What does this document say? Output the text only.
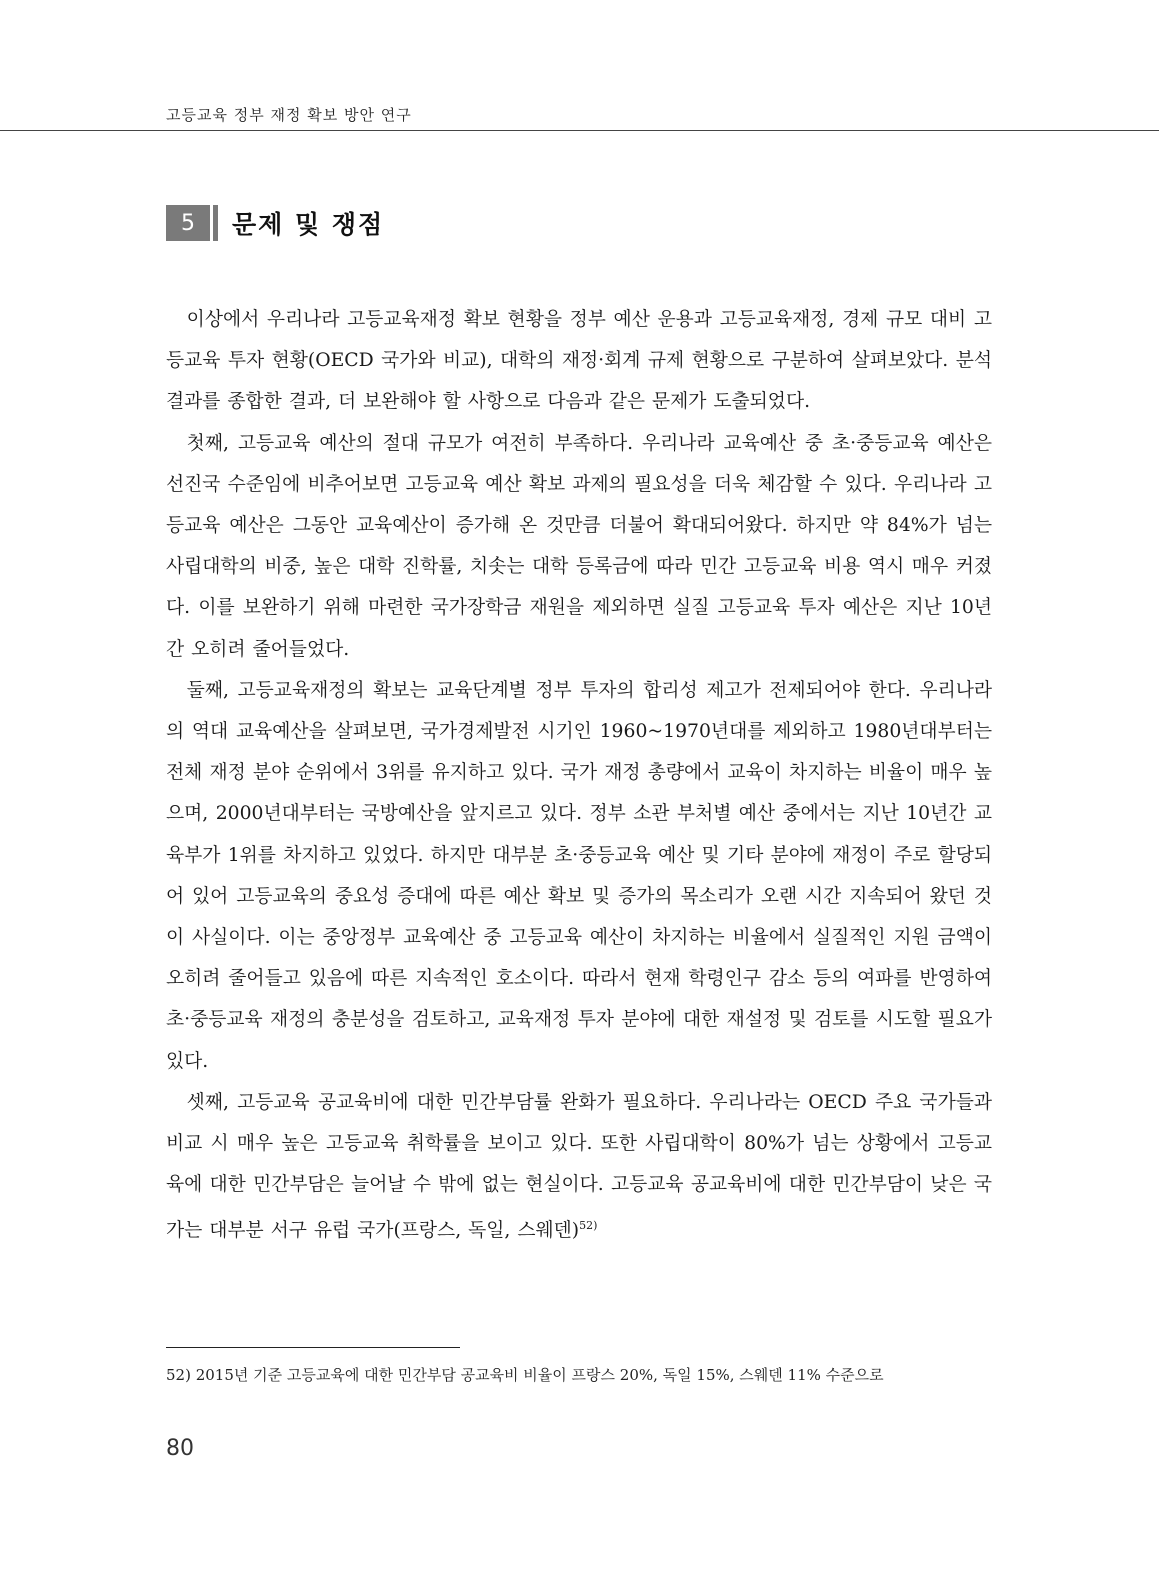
고등교육 정부 재정 확보 방안 연구
5	문제 및 쟁점

이상에서 우리나라 고등교육재정 확보 현황을 정부 예산 운용과 고등교육재정, 경제 규모 대비 고등교육 투자 현황(OECD 국가와 비교), 대학의 재정·회계 규제 현황으로 구분하여 살펴보았다. 분석 결과를 종합한 결과, 더 보완해야 할 사항으로 다음과 같은 문제가 도출되었다.

첫째, 고등교육 예산의 절대 규모가 여전히 부족하다. 우리나라 교육예산 중 초·중등교육 예산은 선진국 수준임에 비추어보면 고등교육 예산 확보 과제의 필요성을 더욱 체감할 수 있다. 우리나라 고등교육 예산은 그동안 교육예산이 증가해 온 것만큼 더불어 확대되어왔다. 하지만 약 84%가 넘는 사립대학의 비중, 높은 대학 진학률, 치솟는 대학 등록금에 따라 민간 고등교육 비용 역시 매우 커졌다. 이를 보완하기 위해 마련한 국가장학금 재원을 제외하면 실질 고등교육 투자 예산은 지난 10년간 오히려 줄어들었다.

둘째, 고등교육재정의 확보는 교육단계별 정부 투자의 합리성 제고가 전제되어야 한다. 우리나라의 역대 교육예산을 살펴보면, 국가경제발전 시기인 1960~1970년대를 제외하고 1980년대부터는 전체 재정 분야 순위에서 3위를 유지하고 있다. 국가 재정 총량에서 교육이 차지하는 비율이 매우 높으며, 2000년대부터는 국방예산을 앞지르고 있다. 정부 소관 부처별 예산 중에서는 지난 10년간 교육부가 1위를 차지하고 있었다. 하지만 대부분 초·중등교육 예산 및 기타 분야에 재정이 주로 할당되어 있어 고등교육의 중요성 증대에 따른 예산 확보 및 증가의 목소리가 오랜 시간 지속되어 왔던 것이 사실이다. 이는 중앙정부 교육예산 중 고등교육 예산이 차지하는 비율에서 실질적인 지원 금액이 오히려 줄어들고 있음에 따른 지속적인 호소이다. 따라서 현재 학령인구 감소 등의 여파를 반영하여 초·중등교육 재정의 충분성을 검토하고, 교육재정 투자 분야에 대한 재설정 및 검토를 시도할 필요가 있다.

셋째, 고등교육 공교육비에 대한 민간부담률 완화가 필요하다. 우리나라는 OECD 주요 국가들과 비교 시 매우 높은 고등교육 취학률을 보이고 있다. 또한 사립대학이 80%가 넘는 상황에서 고등교육에 대한 민간부담은 늘어날 수 밖에 없는 현실이다. 고등교육 공교육비에 대한 민간부담이 낮은 국가는 대부분 서구 유럽 국가(프랑스, 독일, 스웨덴)$^{52)}$

52) 2015년 기준 고등교육에 대한 민간부담 공교육비 비율이 프랑스 20%, 독일 15%, 스웨덴 11% 수준으로
80
